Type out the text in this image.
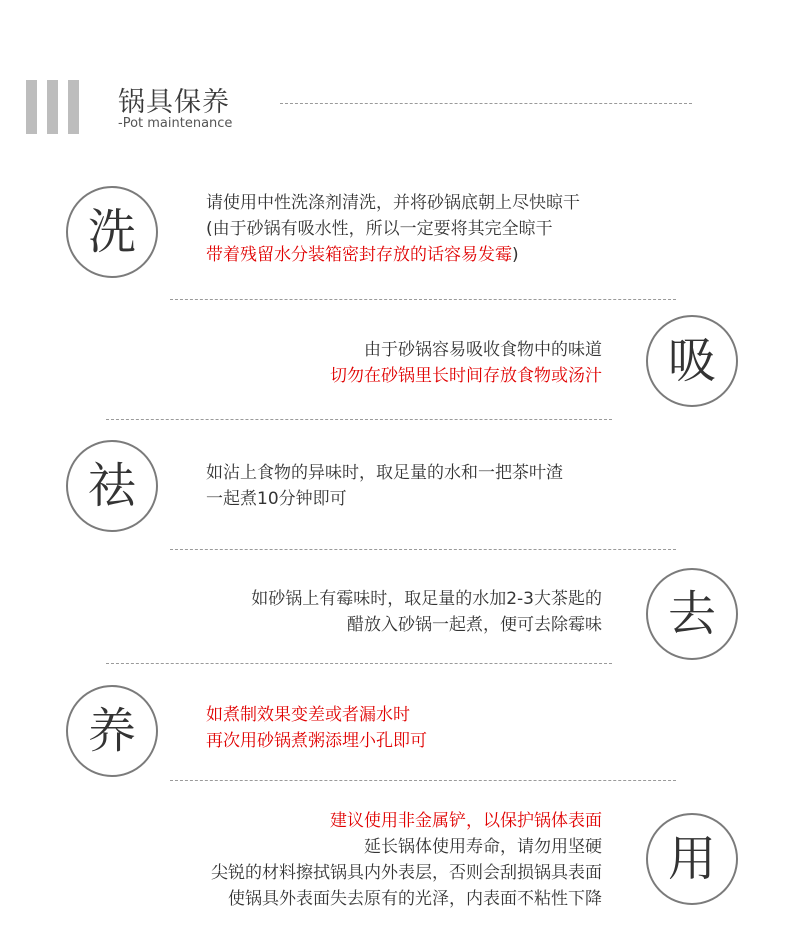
锅具保养
-Pot maintenance
洗
请使用中性洗涤剂清洗，并将砂锅底朝上尽快晾干
(由于砂锅有吸水性，所以一定要将其完全晾干
带着残留水分装箱密封存放的话容易发霉)
吸
由于砂锅容易吸收食物中的味道
切勿在砂锅里长时间存放食物或汤汁
祛	如沾上食物的异味时，取足量的水和一把茶叶渣
一起煮10分钟即可
去
如砂锅上有霉味时，取足量的水加2-3大茶匙的
醋放入砂锅一起煮，便可去除霉味
养	如煮制效果变差或者漏水时
再次用砂锅煮粥添埋小孔即可
用
建议使用非金属铲，以保护锅体表面
延长锅体使用寿命，请勿用坚硬
尖锐的材料擦拭锅具内外表层，否则会刮损锅具表面
使锅具外表面失去原有的光泽，内表面不粘性下降
